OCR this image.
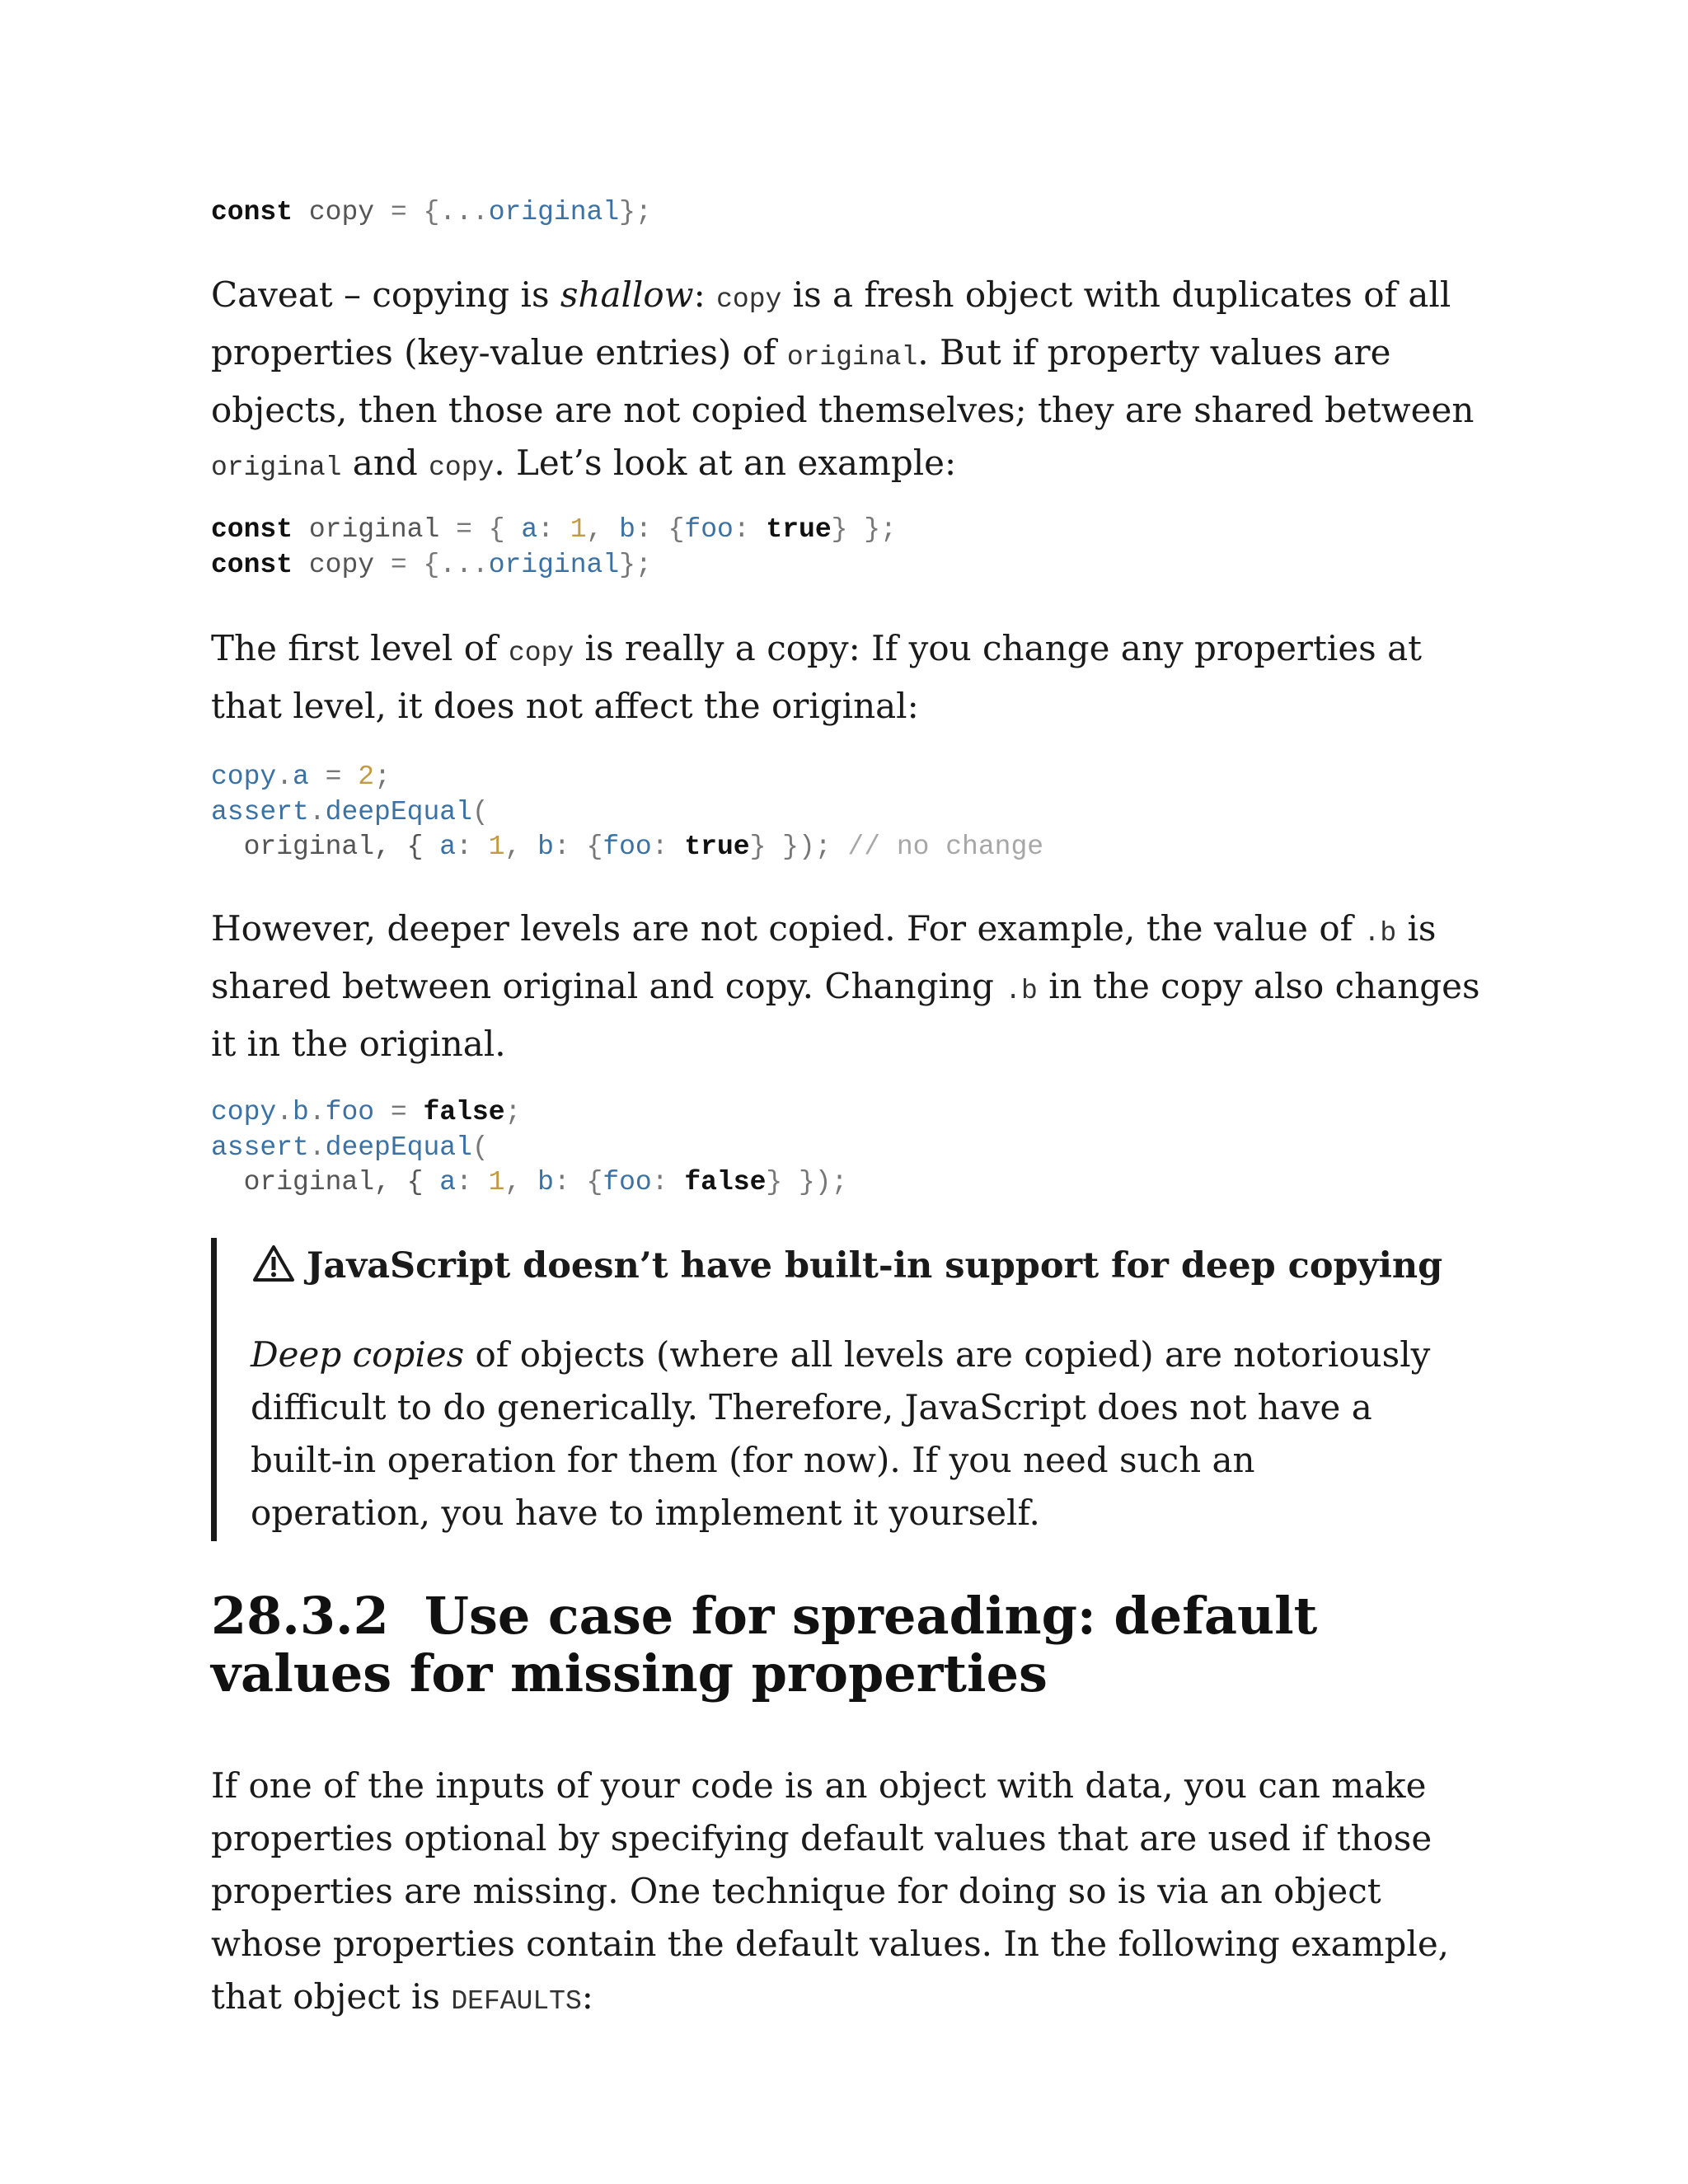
const copy = {...original};

Caveat – copying is shallow: copy is a fresh object with duplicates of all properties (key-value entries) of original. But if property values are objects, then those are not copied themselves; they are shared between original and copy. Let’s look at an example:

const original = { a: 1, b: {foo: true} };
const copy = {...original};

The first level of copy is really a copy: If you change any properties at that level, it does not affect the original:

copy.a = 2;
assert.deepEqual(
original, { a: 1, b: {foo: true} }); // no change

However, deeper levels are not copied. For example, the value of .b is shared between original and copy. Changing .b in the copy also changes it in the original.

copy.b.foo = false;
assert.deepEqual(
original, { a: 1, b: {foo: false} });
JavaScript doesn’t have built-in support for deep copying

Deep copies of objects (where all levels are copied) are notoriously difficult to do generically. Therefore, JavaScript does not have a built-in operation for them (for now). If you need such an operation, you have to implement it yourself.

28.3.2 Use case for spreading: default values for missing properties

If one of the inputs of your code is an object with data, you can make properties optional by specifying default values that are used if those properties are missing. One technique for doing so is via an object whose properties contain the default values. In the following example, that object is DEFAULTS:
